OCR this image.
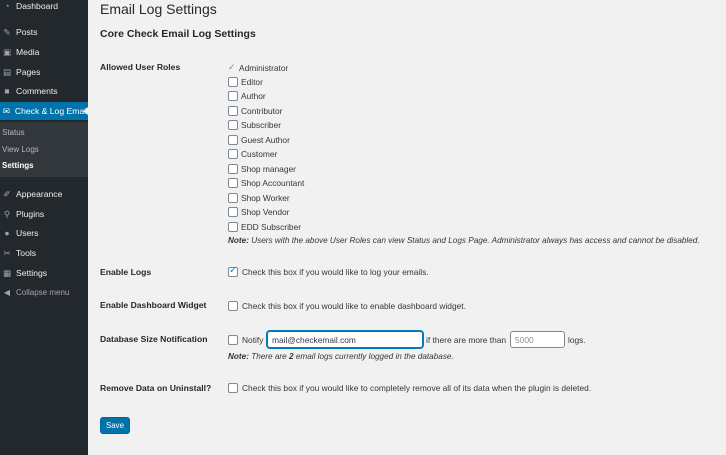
◔ Dashboard
✎ Posts
▣ Media
▤ Pages
■ Comments
✉ Check & Log Email
Status
View Logs
Settings
✐ Appearance
⚲ Plugins
● Users
✂ Tools
▦ Settings
◀ Collapse menu
Email Log Settings
Core Check Email Log Settings
Allowed User Roles	✓ Administrator
Editor
Author
Contributor
Subscriber
Guest Author
Customer
Shop manager
Shop Accountant
Shop Worker
Shop Vendor
EDD Subscriber
Note: Users with the above User Roles can view Status and Logs Page. Administrator always has access and cannot be disabled.
Enable Logs
✓	Check this box if you would like to log your emails.
Enable Dashboard Widget	Check this box if you would like to enable dashboard widget.
Database Size Notification	Notify	mail@checkemail.com	if there are more than	5000	logs.
Note: There are 2 email logs currently logged in the database.
Remove Data on Uninstall?	Check this box if you would like to completely remove all of its data when the plugin is deleted.
Save
